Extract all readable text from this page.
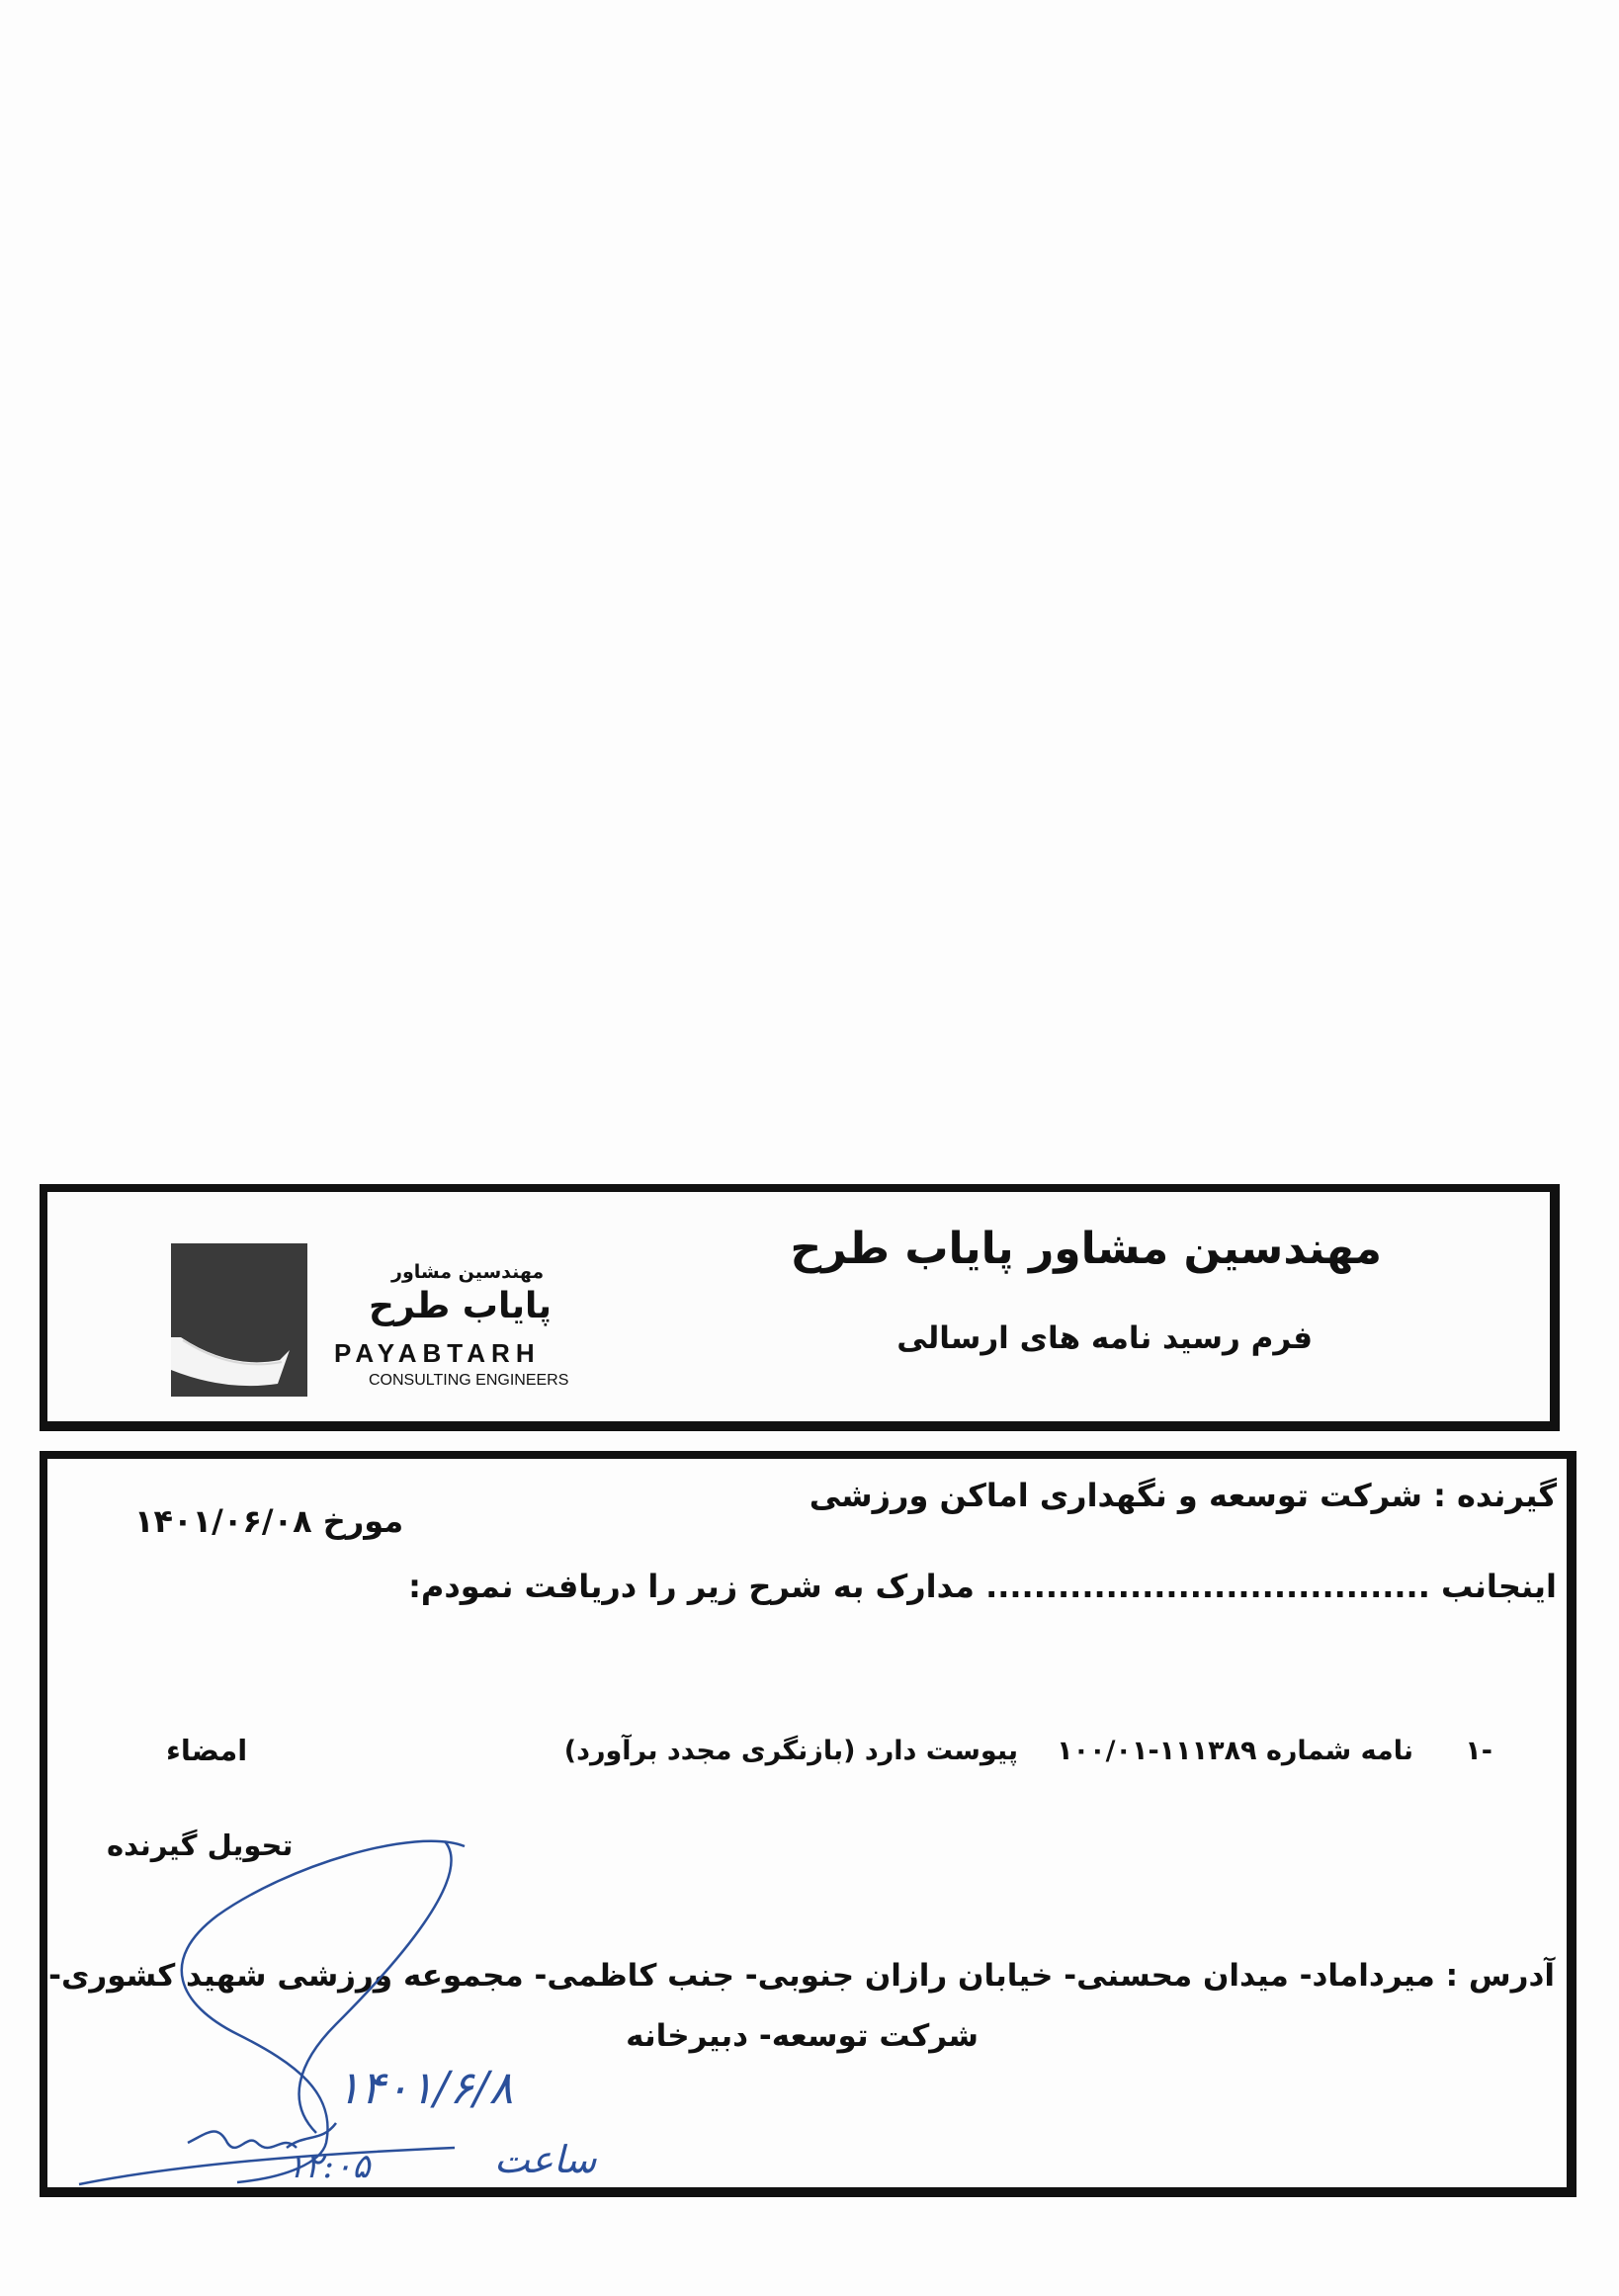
مهندسین مشاور پایاب طرح
فرم رسید نامه های ارسالی
مهندسین مشاور
پایاب طرح
PAYABTARH
CONSULTING ENGINEERS
گیرنده : شرکت توسعه و نگهداری اماکن ورزشی
مورخ ۱۴۰۱/۰۶/۰۸
اینجانب ..................................... مدارک به شرح زیر را دریافت نمودم:
-۱
نامه شماره ۱۱۱۳۸۹-۱۰۰/۰۱
پیوست دارد (بازنگری مجدد برآورد)
امضاء
تحویل گیرنده
آدرس : میرداماد- میدان محسنی- خیابان رازان جنوبی- جنب کاظمی- مجموعه ورزشی شهید کشوری-
شرکت توسعه- دبیرخانه
۱۴۰۱/۶/۸
ساعت
۱۲:۰۵
